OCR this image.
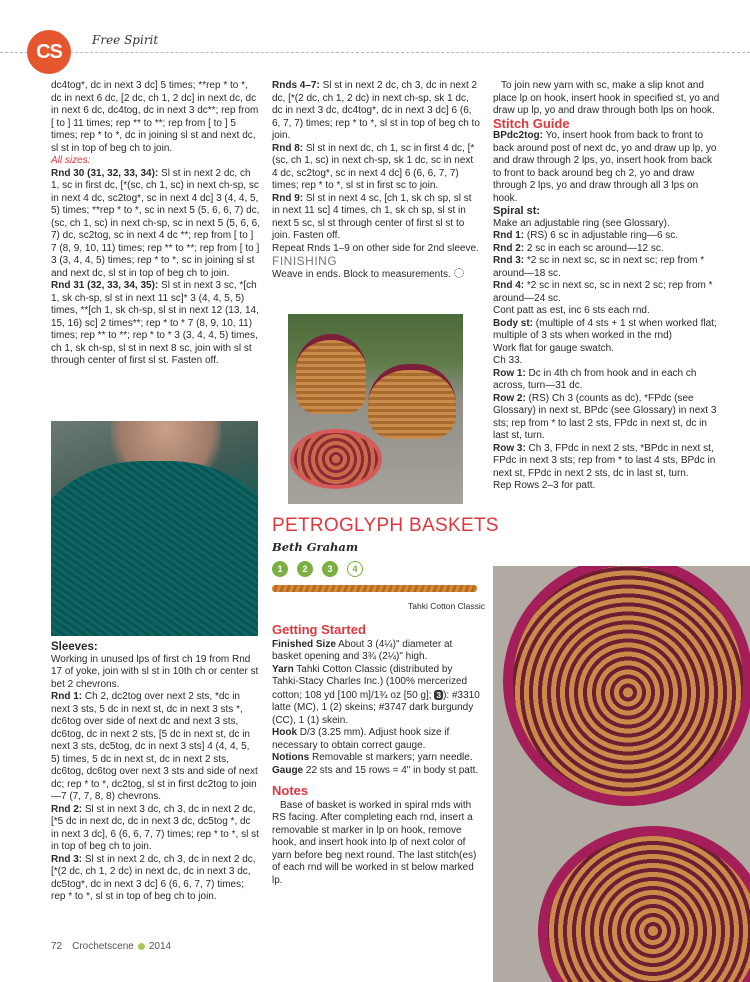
CS
Free Spirit

dc4tog*, dc in next 3 dc] 5 times; **rep * to *, dc in next 6 dc, [2 dc, ch 1, 2 dc] in next dc, dc in next 6 dc, dc4tog, dc in next 3 dc**; rep from [ to ] 11 times; rep ** to **; rep from [ to ] 5 times; rep * to *, dc in joining sl st and next dc, sl st in top of beg ch to join.

All sizes:

Rnd 30 (31, 32, 33, 34): Sl st in next 2 dc, ch 1, sc in first dc, [*(sc, ch 1, sc) in next ch-sp, sc in next 4 dc, sc2tog*, sc in next 4 dc] 3 (4, 4, 5, 5) times; **rep * to *, sc in next 5 (5, 6, 6, 7) dc, (sc, ch 1, sc) in next ch-sp, sc in next 5 (5, 6, 6, 7) dc, sc2tog, sc in next 4 dc **; rep from [ to ] 7 (8, 9, 10, 11) times; rep ** to **; rep from [ to ] 3 (3, 4, 4, 5) times; rep * to *, sc in joining sl st and next dc, sl st in top of beg ch to join.

Rnd 31 (32, 33, 34, 35): Sl st in next 3 sc, *[ch 1, sk ch-sp, sl st in next 11 sc]* 3 (4, 4, 5, 5) times, **[ch 1, sk ch-sp, sl st in next 12 (13, 14, 15, 16) sc] 2 times**; rep * to * 7 (8, 9, 10, 11) times; rep ** to **; rep * to * 3 (3, 4, 4, 5) times, ch 1, sk ch-sp, sl st in next 8 sc, join with sl st through center of first sl st. Fasten off.

Sleeves:

Working in unused lps of first ch 19 from Rnd 17 of yoke, join with sl st in 10th ch or center st bet 2 chevrons.

Rnd 1: Ch 2, dc2tog over next 2 sts, *dc in next 3 sts, 5 dc in next st, dc in next 3 sts *, dc6tog over side of next dc and next 3 sts, dc6tog, dc in next 2 sts, [5 dc in next st, dc in next 3 sts, dc5tog, dc in next 3 sts] 4 (4, 4, 5, 5) times, 5 dc in next st, dc in next 2 sts, dc6tog, dc6tog over next 3 sts and side of next dc; rep * to *, dc2tog, sl st in first dc2tog to join—7 (7, 7, 8, 8) chevrons.

Rnd 2: Sl st in next 3 dc, ch 3, dc in next 2 dc, [*5 dc in next dc, dc in next 3 dc, dc5tog *, dc in next 3 dc], 6 (6, 6, 7, 7) times; rep * to *, sl st in top of beg ch to join.

Rnd 3: Sl st in next 2 dc, ch 3, dc in next 2 dc, [*(2 dc, ch 1, 2 dc) in next dc, dc in next 3 dc, dc5tog*, dc in next 3 dc] 6 (6, 6, 7, 7) times; rep * to *, sl st in top of beg ch to join.

Rnds 4–7: Sl st in next 2 dc, ch 3, dc in next 2 dc, [*(2 dc, ch 1, 2 dc) in next ch-sp, sk 1 dc, dc in next 3 dc, dc4tog*, dc in next 3 dc] 6 (6, 6, 7, 7) times; rep * to *, sl st in top of beg ch to join.

Rnd 8: Sl st in next dc, ch 1, sc in first 4 dc, [*(sc, ch 1, sc) in next ch-sp, sk 1 dc, sc in next 4 dc, sc2tog*, sc in next 4 dc] 6 (6, 6, 7, 7) times; rep * to *, sl st in first sc to join.

Rnd 9: Sl st in next 4 sc, [ch 1, sk ch sp, sl st in next 11 sc] 4 times, ch 1, sk ch sp, sl st in next 5 sc, sl st through center of first sl st to join. Fasten off.

Repeat Rnds 1–9 on other side for 2nd sleeve.

FINISHING

Weave in ends. Block to measurements.

PETROGLYPH BASKETS
Beth Graham
1	2	3	4
Tahki Cotton Classic

Getting Started

Finished Size About 3 (4¼)" diameter at basket opening and 3¾ (2¼)" high.

Yarn Tahki Cotton Classic (distributed by Tahki-Stacy Charles Inc.) (100% mercerized cotton; 108 yd [100 m]/1¾ oz [50 g]; 3 ): #3310 latte (MC), 1 (2) skeins; #3747 dark burgundy (CC), 1 (1) skein.

Hook D/3 (3.25 mm). Adjust hook size if necessary to obtain correct gauge.

Notions Removable st markers; yarn needle.

Gauge 22 sts and 15 rows = 4" in body st patt.

Notes

Base of basket is worked in spiral rnds with RS facing. After completing each rnd, insert a removable st marker in lp on hook, remove hook, and insert hook into lp of next color of yarn before beg next round. The last stitch(es) of each rnd will be worked in st below marked lp.

To join new yarn with sc, make a slip knot and place lp on hook, insert hook in specified st, yo and draw up lp, yo and draw through both lps on hook.

Stitch Guide

BPdc2tog: Yo, insert hook from back to front to back around post of next dc, yo and draw up lp, yo and draw through 2 lps, yo, insert hook from back to front to back around beg ch 2, yo and draw through 2 lps, yo and draw through all 3 lps on hook.

Spiral st:

Make an adjustable ring (see Glossary).

Rnd 1: (RS) 6 sc in adjustable ring—6 sc.

Rnd 2: 2 sc in each sc around—12 sc.

Rnd 3: *2 sc in next sc, sc in next sc; rep from * around—18 sc.

Rnd 4: *2 sc in next sc, sc in next 2 sc; rep from * around—24 sc.

Cont patt as est, inc 6 sts each rnd.

Body st: (multiple of 4 sts + 1 st when worked flat; multiple of 3 sts when worked in the rnd)

Work flat for gauge swatch.

Ch 33.

Row 1: Dc in 4th ch from hook and in each ch across, turn—31 dc.

Row 2: (RS) Ch 3 (counts as dc), *FPdc (see Glossary) in next st, BPdc (see Glossary) in next 3 sts; rep from * to last 2 sts, FPdc in next st, dc in last st, turn.

Row 3: Ch 3, FPdc in next 2 sts, *BPdc in next st, FPdc in next 3 sts; rep from * to last 4 sts, BPdc in next st, FPdc in next 2 sts, dc in last st, turn.

Rep Rows 2–3 for patt.

72 Crochetscene 2014
